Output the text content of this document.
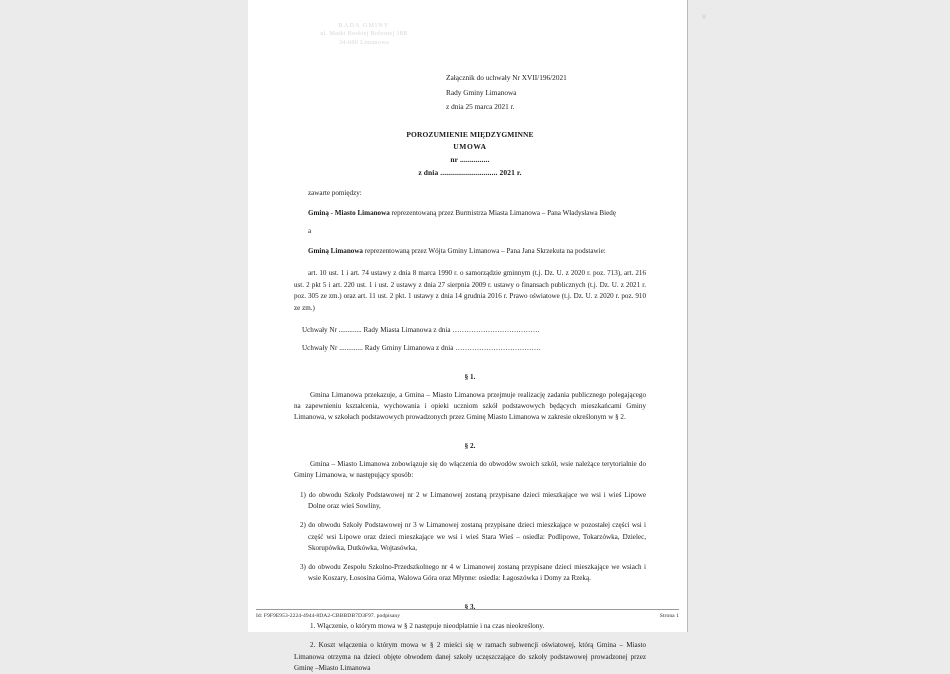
RADA GMINY
ul. Matki Boskiej Bolesnej 18B
34-600 Limanowa
Załącznik do uchwały Nr XVII/196/2021
Rady Gminy Limanowa
z dnia 25 marca 2021 r.
POROZUMIENIE MIĘDZYGMINNE
UMOWA
nr ...............
z dnia ............................. 2021 r.
zawarte pomiędzy:
Gminą - Miasto Limanowa reprezentowaną przez Burmistrza Miasta Limanowa – Pana Władysława Biedę
a
Gminą Limanowa reprezentowaną przez Wójta Gminy Limanowa – Pana Jana Skrzekuta na podstawie:
art. 10 ust. 1 i art. 74 ustawy z dnia 8 marca 1990 r. o samorządzie gminnym (t.j. Dz. U. z 2020 r. poz. 713), art. 216 ust. 2 pkt 5 i art. 220 ust. 1 i ust. 2 ustawy z dnia 27 sierpnia 2009 r. ustawy o finansach publicznych (t.j. Dz. U. z 2021 r. poz. 305 ze zm.) oraz art. 11 ust. 2 pkt. 1 ustawy z dnia 14 grudnia 2016 r. Prawo oświatowe (t.j. Dz. U. z 2020 r. poz. 910 ze zm.)
Uchwały Nr ............. Rady Miasta Limanowa z dnia ……………………………….
Uchwały Nr ............. Rady Gminy Limanowa z dnia ………………………………
§ 1.
Gmina Limanowa przekazuje, a Gmina – Miasto Limanowa przejmuje realizację zadania publicznego polegającego na zapewnieniu kształcenia, wychowania i opieki uczniom szkół podstawowych będących mieszkańcami Gminy Limanowa, w szkołach podstawowych prowadzonych przez Gminę Miasto Limanowa w zakresie określonym w § 2.
§ 2.
Gmina – Miasto Limanowa zobowiązuje się do włączenia do obwodów swoich szkół, wsie należące terytorialnie do Gminy Limanowa, w następujący sposób:
1) do obwodu Szkoły Podstawowej nr 2 w Limanowej zostaną przypisane dzieci mieszkające we wsi i wieś Lipowe Dolne oraz wieś Sowliny,
2) do obwodu Szkoły Podstawowej nr 3 w Limanowej zostaną przypisane dzieci mieszkające w pozostałej części wsi i część wsi Lipowe oraz dzieci mieszkające we wsi i wieś Stara Wieś – osiedla: Podlipowe, Tokarzówka, Dzielec, Skorupówka, Dutkówka, Wojtasówka,
3) do obwodu Zespołu Szkolno-Przedszkolnego nr 4 w Limanowej zostaną przypisane dzieci mieszkające we wsiach i wsie Koszary, Łososina Górna, Walowa Góra oraz Młynne: osiedla: Łagoszówka i Domy za Rzeką.
§ 3.
1. Włączenie, o którym mowa w § 2 następuje nieodpłatnie i na czas nieokreślony.
2. Koszt włączenia o którym mowa w § 2 mieści się w ramach subwencji oświatowej, którą Gmina – Miasto Limanowa otrzyma na dzieci objęte obwodem danej szkoły uczęszczające do szkoły podstawowej prowadzonej przez Gminę –Miasto Limanowa
Id: F9F9E953-2224-4944-8DA2-CBBBDB7D3F97. podpisany	Strona 1
